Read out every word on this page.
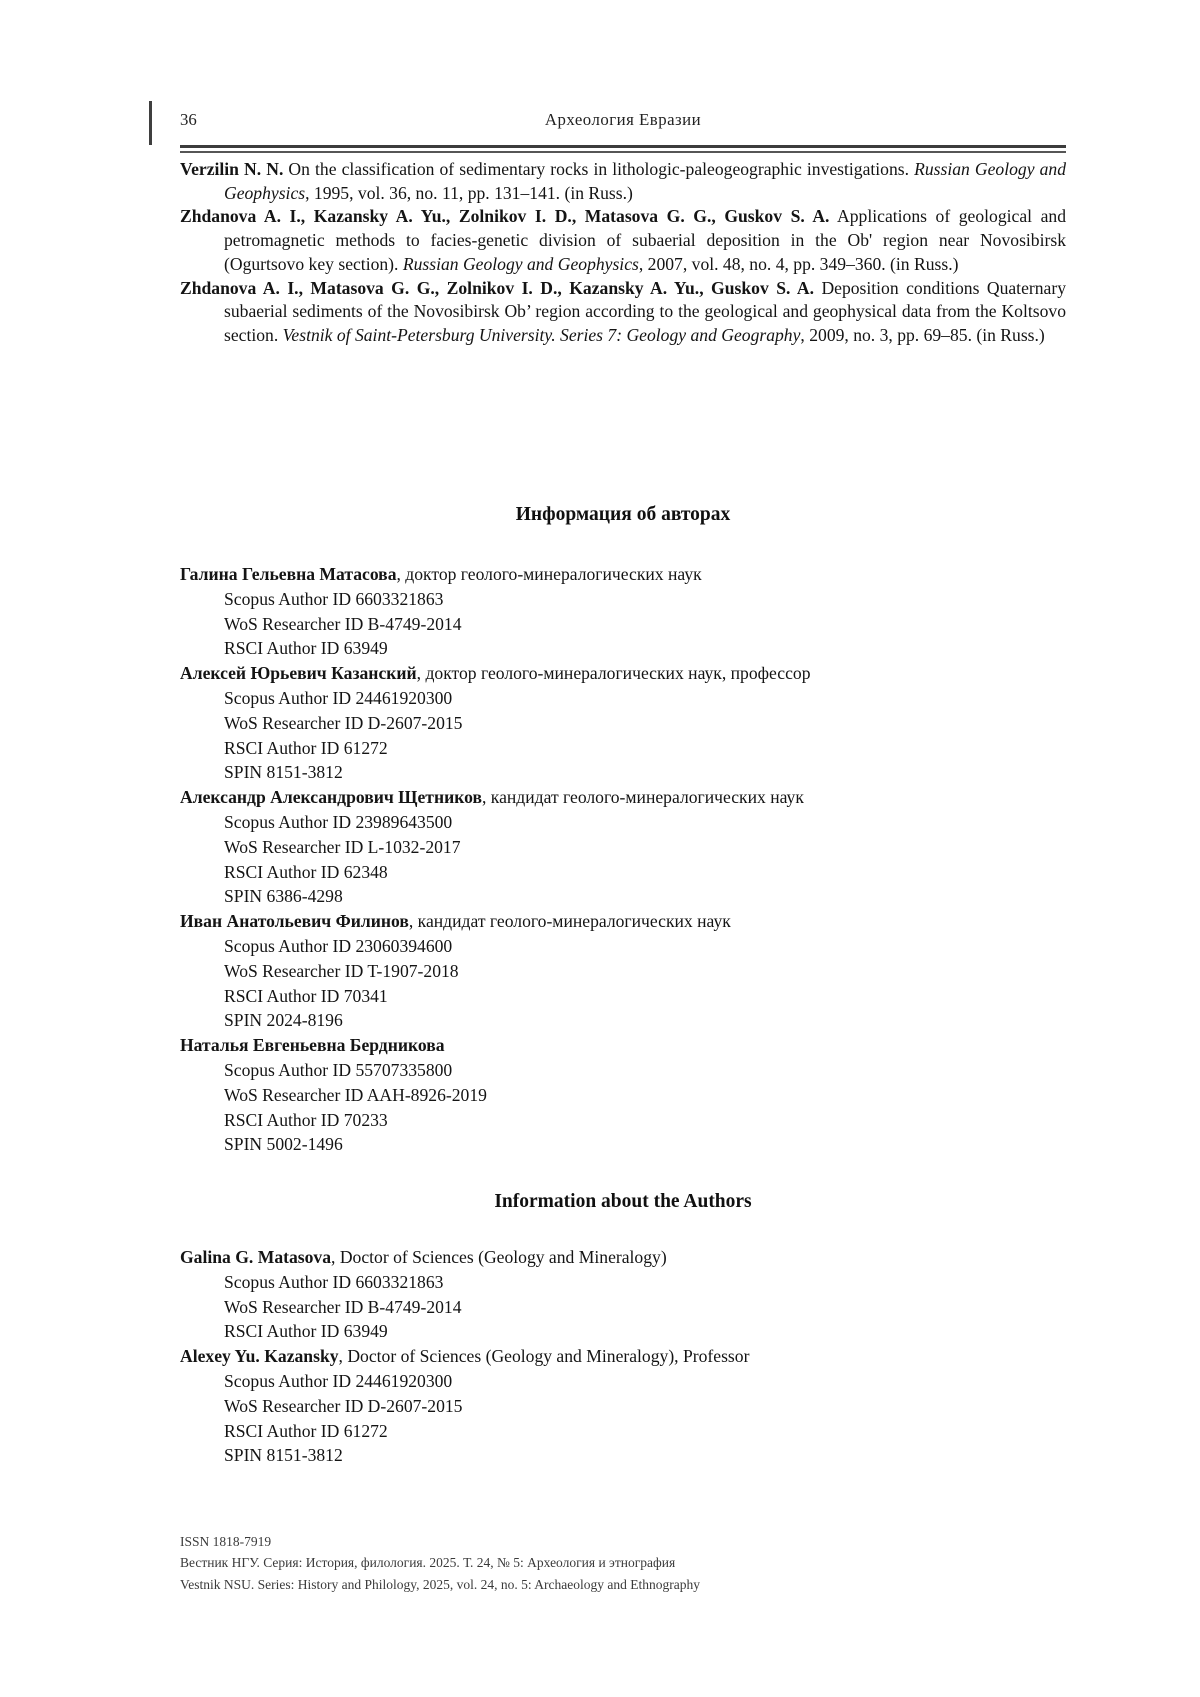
36	Археология Евразии

Verzilin N. N. On the classification of sedimentary rocks in lithologic-paleogeographic investigations. Russian Geology and Geophysics, 1995, vol. 36, no. 11, pp. 131–141. (in Russ.)

Zhdanova A. I., Kazansky A. Yu., Zolnikov I. D., Matasova G. G., Guskov S. A. Applications of geological and petromagnetic methods to facies-genetic division of subaerial deposition in the Ob' region near Novosibirsk (Ogurtsovo key section). Russian Geology and Geophysics, 2007, vol. 48, no. 4, pp. 349–360. (in Russ.)

Zhdanova A. I., Matasova G. G., Zolnikov I. D., Kazansky A. Yu., Guskov S. A. Deposition conditions Quaternary subaerial sediments of the Novosibirsk Ob’ region according to the geological and geophysical data from the Koltsovo section. Vestnik of Saint-Petersburg University. Series 7: Geology and Geography, 2009, no. 3, pp. 69–85. (in Russ.)

Информация об авторах

Галина Гельевна Матасова, доктор геолого-минералогических наук

Scopus Author ID 6603321863

WoS Researcher ID B-4749-2014

RSCI Author ID 63949

Алексей Юрьевич Казанский, доктор геолого-минералогических наук, профессор

Scopus Author ID 24461920300

WoS Researcher ID D-2607-2015

RSCI Author ID 61272

SPIN 8151-3812

Александр Александрович Щетников, кандидат геолого-минералогических наук

Scopus Author ID 23989643500

WoS Researcher ID L-1032-2017

RSCI Author ID 62348

SPIN 6386-4298

Иван Анатольевич Филинов, кандидат геолого-минералогических наук

Scopus Author ID 23060394600

WoS Researcher ID T-1907-2018

RSCI Author ID 70341

SPIN 2024-8196

Наталья Евгеньевна Бердникова

Scopus Author ID 55707335800

WoS Researcher ID AAH-8926-2019

RSCI Author ID 70233

SPIN 5002-1496

Information about the Authors

Galina G. Matasova, Doctor of Sciences (Geology and Mineralogy)

Scopus Author ID 6603321863

WoS Researcher ID B-4749-2014

RSCI Author ID 63949

Alexey Yu. Kazansky, Doctor of Sciences (Geology and Mineralogy), Professor

Scopus Author ID 24461920300

WoS Researcher ID D-2607-2015

RSCI Author ID 61272

SPIN 8151-3812

ISSN 1818-7919

Вестник НГУ. Серия: История, филология. 2025. Т. 24, № 5: Археология и этнография

Vestnik NSU. Series: History and Philology, 2025, vol. 24, no. 5: Archaeology and Ethnography
